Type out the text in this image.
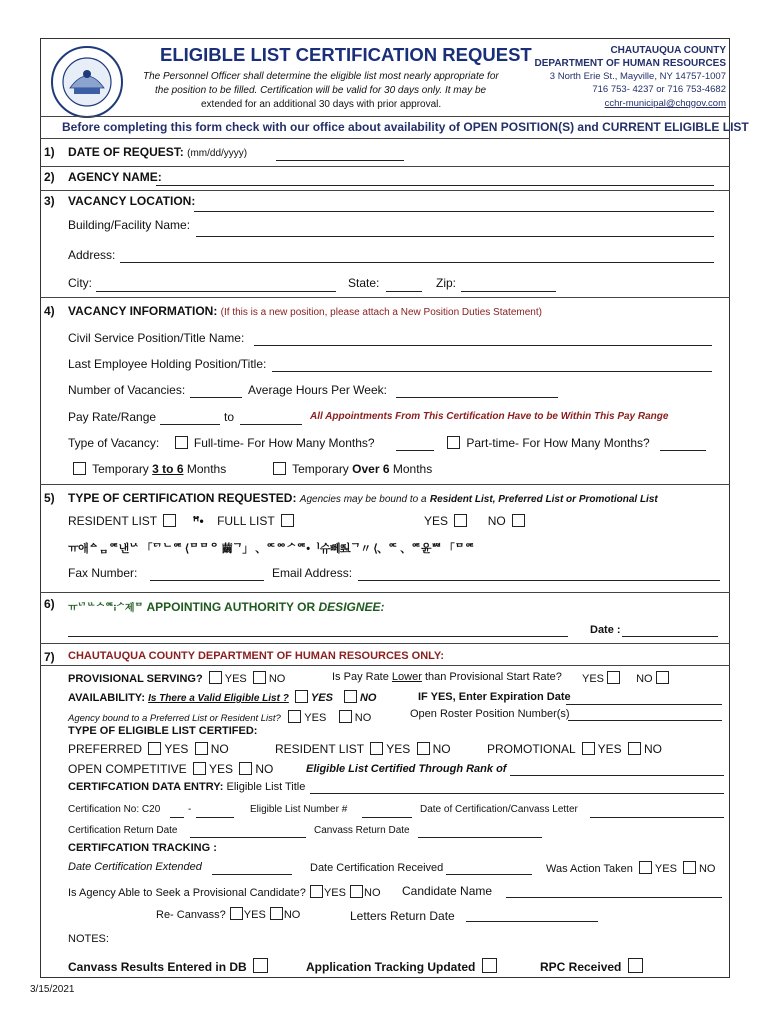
ELIGIBLE LIST CERTIFICATION REQUEST
The Personnel Officer shall determine the eligible list most nearly appropriate for
the position to be filled. Certification will be valid for 30 days only. It may be
extended for an additional 30 days with prior approval.
CHAUTAUQUA COUNTY
DEPARTMENT OF HUMAN RESOURCES
3 North Erie St., Mayville, NY 14757-1007
716 753- 4237 or 716 753-4682
cchr-municipal@chqgov.com
Before completing this form check with our office about availability of OPEN POSITION(S) and CURRENT ELIGIBLE LIST
1) DATE OF REQUEST: (mm/dd/yyyy)
2) AGENCY NAME:
3) VACANCY LOCATION:
Building/Facility Name:
Address:
City:	State:	Zip:
4) VACANCY INFORMATION: (If this is a new position, please attach a New Position Duties Statement)
Civil Service Position/Title Name:
Last Employee Holding Position/Title:
Number of Vacancies:	Average Hours Per Week:
Pay Rate/Range	to	All Appointments From This Certification Have to be Within This Pay Range
Type of Vacancy:	Full-time- For How Many Months?	Part-time- For How Many Months?
Temporary 3 to 6 Months	Temporary Over 6 Months
5) TYPE OF CERTIFICATION REQUESTED: Agencies may be bound to a Resident List, Preferred List or Promotional List
RESIDENT LIST	ꟸ• FULL LIST	YES	NO
ㅠ애ᅀᆷᅊ낸ᅛ 「ᄗᄂᅊ ⟨ᄆᄆᄋ 繭ᄀ」 、ᅂᅇᄼᅊ•ᅵᄼᅲ뻬ᅊᆋᄀ〃 ⟨、ᅂ 、ᅊ윤ᄤ 「ᄆᅊ
Fax Number:	Email Address:
6) ㅠᄓᄔᄉᅊ፧ᄼ제ᄆ APPOINTING AUTHORITY OR DESIGNEE:
Date :
7) CHAUTAUQUA COUNTY DEPARTMENT OF HUMAN RESOURCES ONLY:
PROVISIONAL SERVING? YES NO	Is Pay Rate Lower than Provisional Start Rate? YES	NO
AVAILABILITY: Is There a Valid Eligible List ? YES NO	IF YES, Enter Expiration Date
Agency bound to a Preferred List or Resident List? YES	NO	Open Roster Position Number(s)
TYPE OF ELIGIBLE LIST CERTIFED:
PREFERRED YES NO	RESIDENT LIST YES NO	PROMOTIONAL YES NO
OPEN COMPETITIVE YES NO	Eligible List Certified Through Rank of
CERTIFCATION DATA ENTRY: Eligible List Title
Certification No: C20	-	Eligible List Number #	Date of Certification/Canvass Letter
Certification Return Date	Canvass Return Date
CERTIFCATION TRACKING :
Date Certification Extended	Date Certification Received	Was Action Taken YES NO
Is Agency Able to Seek a Provisional Candidate? YES NO Candidate Name
Re- Canvass? YES NO	Letters Return Date
NOTES:
Canvass Results Entered in DB	Application Tracking Updated	RPC Received
3/15/2021
